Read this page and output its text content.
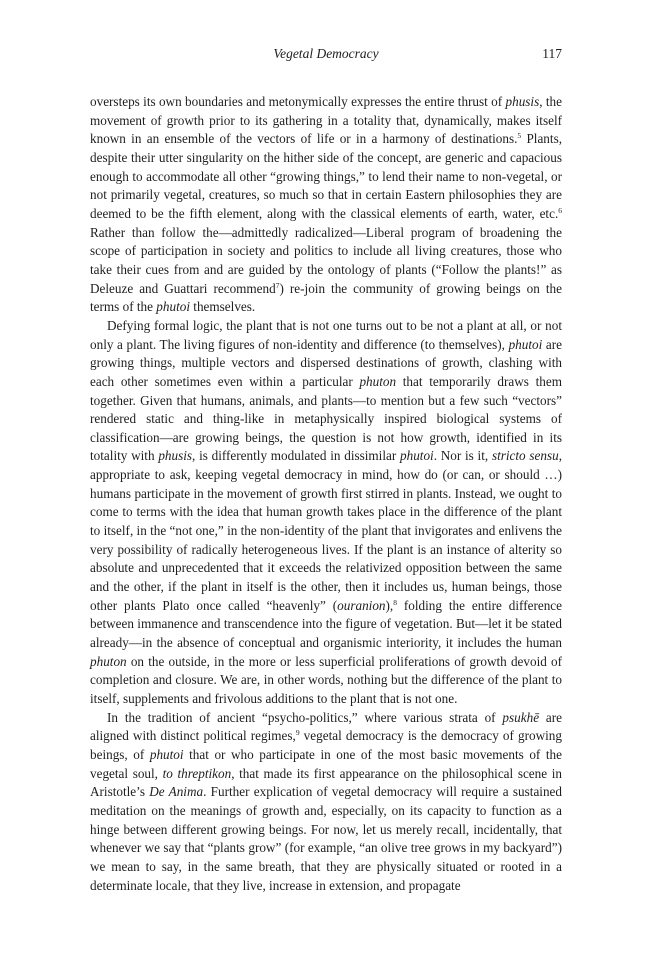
Vegetal Democracy	117

oversteps its own boundaries and metonymically expresses the entire thrust of phusis, the movement of growth prior to its gathering in a totality that, dynamically, makes itself known in an ensemble of the vectors of life or in a harmony of destinations.$^5$ Plants, despite their utter singularity on the hither side of the concept, are generic and capacious enough to accommodate all other “growing things,” to lend their name to non-vegetal, or not primarily vegetal, creatures, so much so that in certain Eastern philosophies they are deemed to be the fifth element, along with the classical elements of earth, water, etc.$^6$ Rather than follow the—admittedly radicalized—Liberal program of broadening the scope of participation in society and politics to include all living creatures, those who take their cues from and are guided by the ontology of plants (“Follow the plants!” as Deleuze and Guattari recommend$^7$) re-join the community of growing beings on the terms of the phutoi themselves.

Defying formal logic, the plant that is not one turns out to be not a plant at all, or not only a plant. The living figures of non-identity and difference (to themselves), phutoi are growing things, multiple vectors and dispersed destinations of growth, clashing with each other sometimes even within a particular phuton that temporarily draws them together. Given that humans, animals, and plants—to mention but a few such “vectors” rendered static and thing-like in metaphysically inspired biological systems of classification—are growing beings, the question is not how growth, identified in its totality with phusis, is differently modulated in dissimilar phutoi. Nor is it, stricto sensu, appropriate to ask, keeping vegetal democracy in mind, how do (or can, or should …) humans participate in the movement of growth first stirred in plants. Instead, we ought to come to terms with the idea that human growth takes place in the difference of the plant to itself, in the “not one,” in the non-identity of the plant that invigorates and enlivens the very possibility of radically heterogeneous lives. If the plant is an instance of alterity so absolute and unprecedented that it exceeds the relativized opposition between the same and the other, if the plant in itself is the other, then it includes us, human beings, those other plants Plato once called “heavenly” (ouranion),$^8$ folding the entire difference between immanence and transcendence into the figure of vegetation. But—let it be stated already—in the absence of conceptual and organismic interiority, it includes the human phuton on the outside, in the more or less superficial proliferations of growth devoid of completion and closure. We are, in other words, nothing but the difference of the plant to itself, supplements and frivolous additions to the plant that is not one.

In the tradition of ancient “psycho-politics,” where various strata of psukhē are aligned with distinct political regimes,$^9$ vegetal democracy is the democracy of growing beings, of phutoi that or who participate in one of the most basic movements of the vegetal soul, to threptikon, that made its first appearance on the philosophical scene in Aristotle’s De Anima. Further explication of vegetal democracy will require a sustained meditation on the meanings of growth and, especially, on its capacity to function as a hinge between different growing beings. For now, let us merely recall, incidentally, that whenever we say that “plants grow” (for example, “an olive tree grows in my backyard”) we mean to say, in the same breath, that they are physically situated or rooted in a determinate locale, that they live, increase in extension, and propagate
